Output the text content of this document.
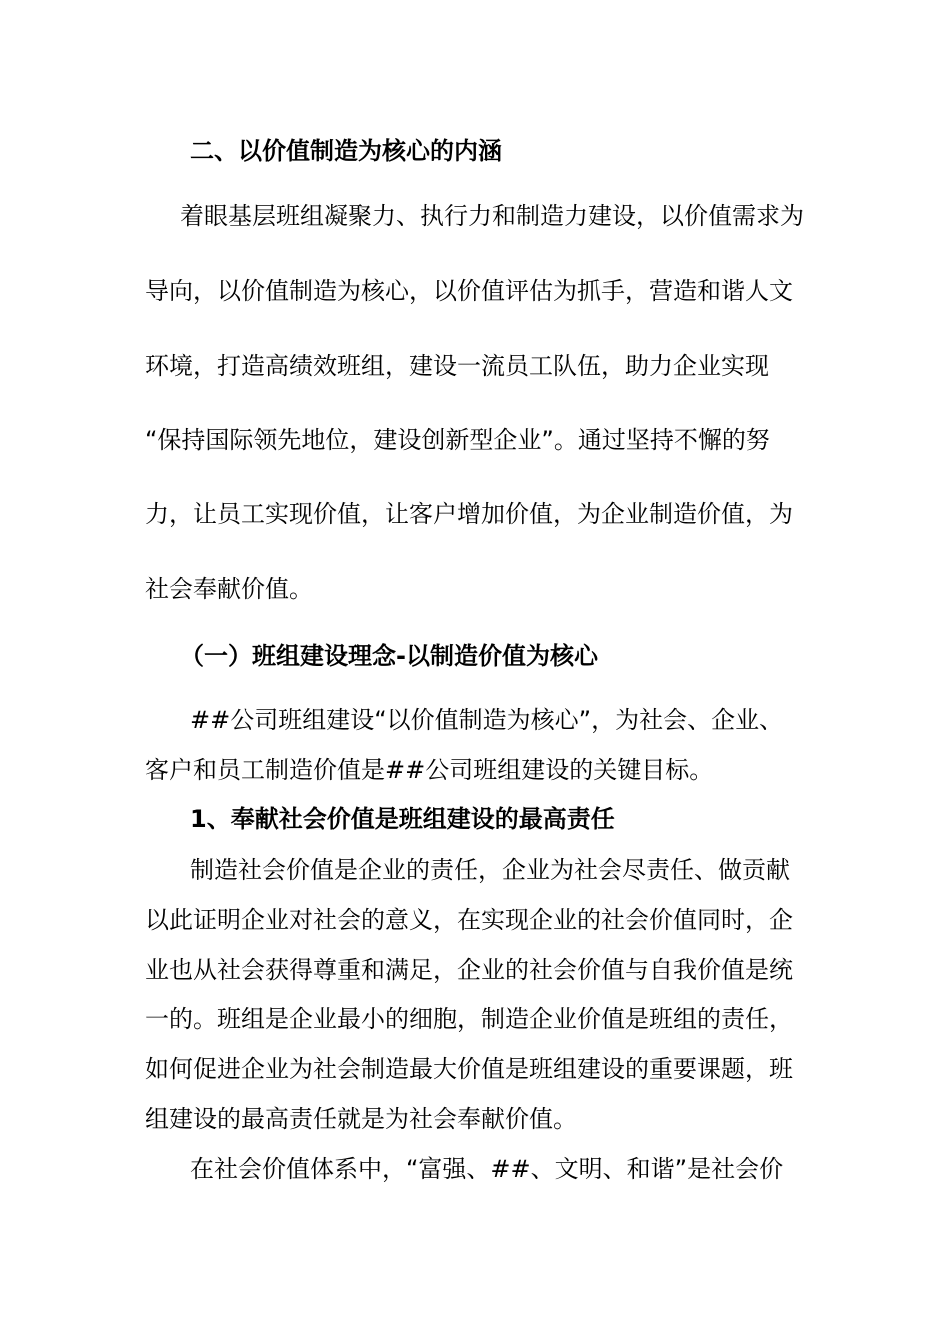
二、以价值制造为核心的内涵
着眼基层班组凝聚力、执行力和制造力建设，以价值需求为
导向，以价值制造为核心，以价值评估为抓手，营造和谐人文
环境，打造高绩效班组，建设一流员工队伍，助力企业实现
“保持国际领先地位，建设创新型企业”。通过坚持不懈的努
力，让员工实现价值，让客户增加价值，为企业制造价值，为
社会奉献价值。
（一）班组建设理念-以制造价值为核心
##公司班组建设“以价值制造为核心”，为社会、企业、
客户和员工制造价值是##公司班组建设的关键目标。
1、奉献社会价值是班组建设的最高责任
制造社会价值是企业的责任，企业为社会尽责任、做贡献
以此证明企业对社会的意义，在实现企业的社会价值同时，企
业也从社会获得尊重和满足，企业的社会价值与自我价值是统
一的。班组是企业最小的细胞，制造企业价值是班组的责任，
如何促进企业为社会制造最大价值是班组建设的重要课题，班
组建设的最高责任就是为社会奉献价值。
在社会价值体系中，“富强、##、文明、和谐”是社会价
